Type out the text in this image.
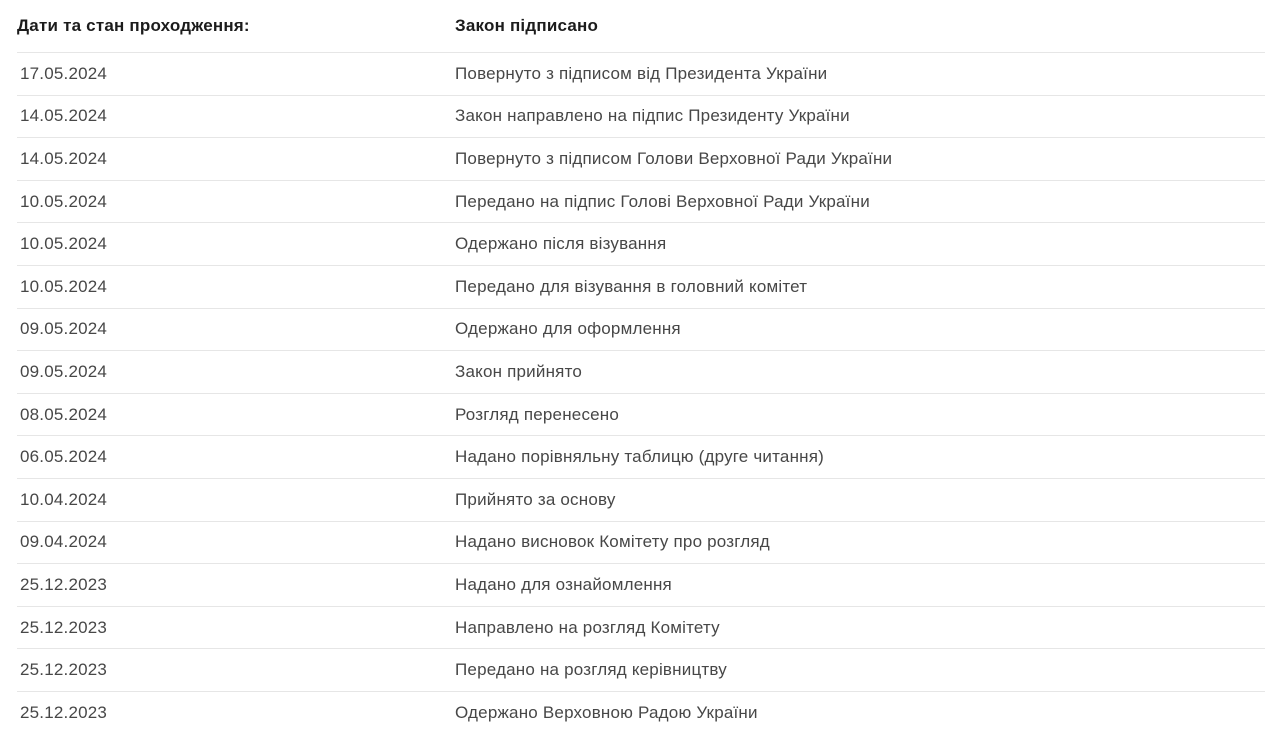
Дати та стан проходження:	Закон підписано
17.05.2024	Повернуто з підписом від Президента України
14.05.2024	Закон направлено на підпис Президенту України
14.05.2024	Повернуто з підписом Голови Верховної Ради України
10.05.2024	Передано на підпис Голові Верховної Ради України
10.05.2024	Одержано після візування
10.05.2024	Передано для візування в головний комітет
09.05.2024	Одержано для оформлення
09.05.2024	Закон прийнято
08.05.2024	Розгляд перенесено
06.05.2024	Надано порівняльну таблицю (друге читання)
10.04.2024	Прийнято за основу
09.04.2024	Надано висновок Комітету про розгляд
25.12.2023	Надано для ознайомлення
25.12.2023	Направлено на розгляд Комітету
25.12.2023	Передано на розгляд керівництву
25.12.2023	Одержано Верховною Радою України
